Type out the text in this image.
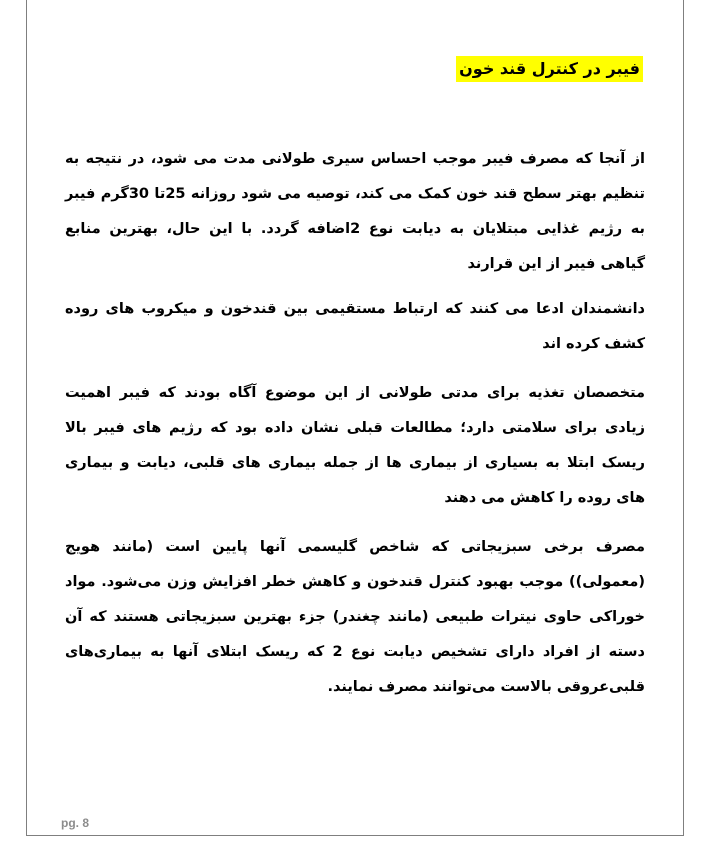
فیبر در کنترل قند خون

از آنجا که مصرف فیبر موجب احساس سیری طولانی مدت می شود، در نتیجه به تنظیم بهتر سطح قند خون کمک می کند، توصیه می شود روزانه 25تا 30گرم فیبر به رژیم غذایی مبتلایان به دیابت نوع 2اضافه گردد. با این حال، بهترین منابع گیاهی فیبر از این قرارند

دانشمندان ادعا می کنند که ارتباط مستقیمی بین قندخون و میکروب های روده کشف کرده اند

متخصصان تغذیه برای مدتی طولانی از این موضوع آگاه بودند که فیبر اهمیت زیادی برای سلامتی دارد؛ مطالعات قبلی نشان داده بود که رژیم های فیبر بالا ریسک ابتلا به بسیاری از بیماری ها از جمله بیماری های قلبی، دیابت و بیماری های روده را کاهش می دهند

مصرف برخی سبزیجاتی که شاخص گلیسمی آنها پایین است (مانند هویج (معمولی)) موجب بهبود کنترل قندخون و کاهش خطر افزایش وزن می‌شود. مواد خوراکی حاوی نیترات طبیعی (مانند چغندر) جزء بهترین سبزیجاتی هستند که آن دسته از افراد دارای تشخیص دیابت نوع 2 که ریسک ابتلای آنها به بیماری‌های قلبی‌عروقی بالاست می‌توانند مصرف نمایند.

pg. 8
